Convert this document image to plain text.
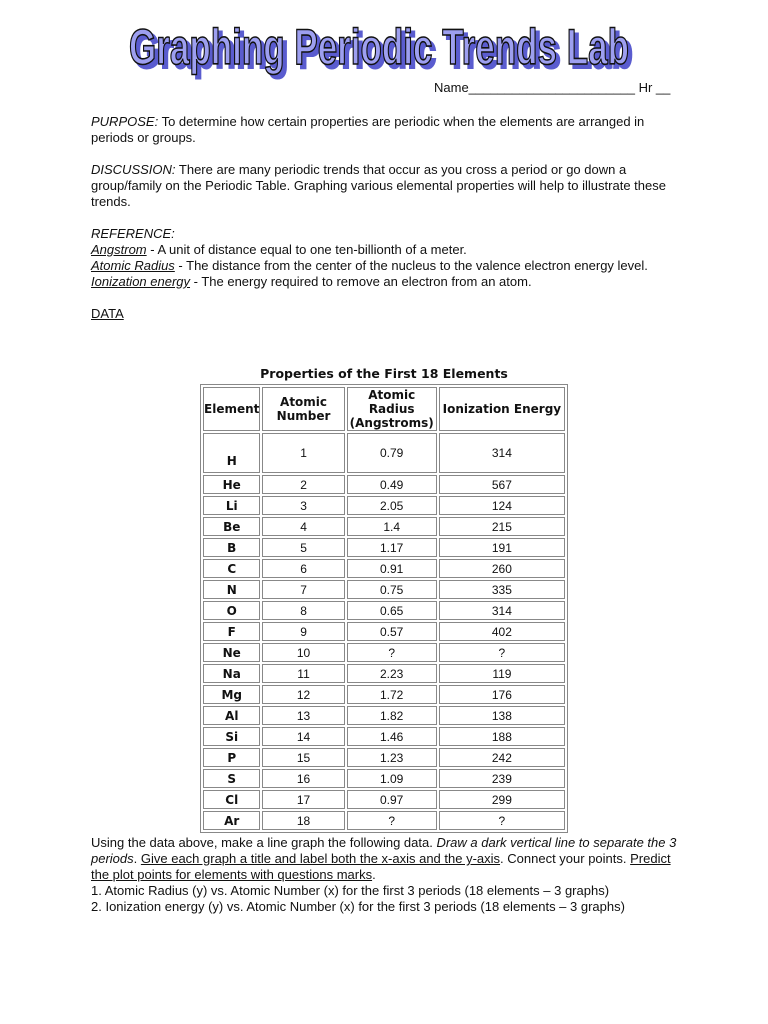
Graphing Periodic Trends Lab
Graphing Periodic Trends Lab
Name_______________________ Hr __

PURPOSE: To determine how certain properties are periodic when the elements are arranged in periods or groups.

DISCUSSION: There are many periodic trends that occur as you cross a period or go down a group/family on the Periodic Table. Graphing various elemental properties will help to illustrate these trends.

REFERENCE:

Angstrom - A unit of distance equal to one ten-billionth of a meter.

Atomic Radius - The distance from the center of the nucleus to the valence electron energy level.

Ionization energy - The energy required to remove an electron from an atom.

DATA

Properties of the First 18 Elements
Element	Atomic Number	Atomic Radius (Angstroms)	Ionization Energy
H	1	0.79	314
He	2	0.49	567
Li	3	2.05	124
Be	4	1.4	215
B	5	1.17	191
C	6	0.91	260
N	7	0.75	335
O	8	0.65	314
F	9	0.57	402
Ne	10	?	?
Na	11	2.23	119
Mg	12	1.72	176
Al	13	1.82	138
Si	14	1.46	188
P	15	1.23	242
S	16	1.09	239
Cl	17	0.97	299
Ar	18	?	?

Using the data above, make a line graph the following data. Draw a dark vertical line to separate the 3 periods. Give each graph a title and label both the x-axis and the y-axis. Connect your points. Predict the plot points for elements with questions marks.

1. Atomic Radius (y) vs. Atomic Number (x) for the first 3 periods (18 elements – 3 graphs)

2. Ionization energy (y) vs. Atomic Number (x) for the first 3 periods (18 elements – 3 graphs)
